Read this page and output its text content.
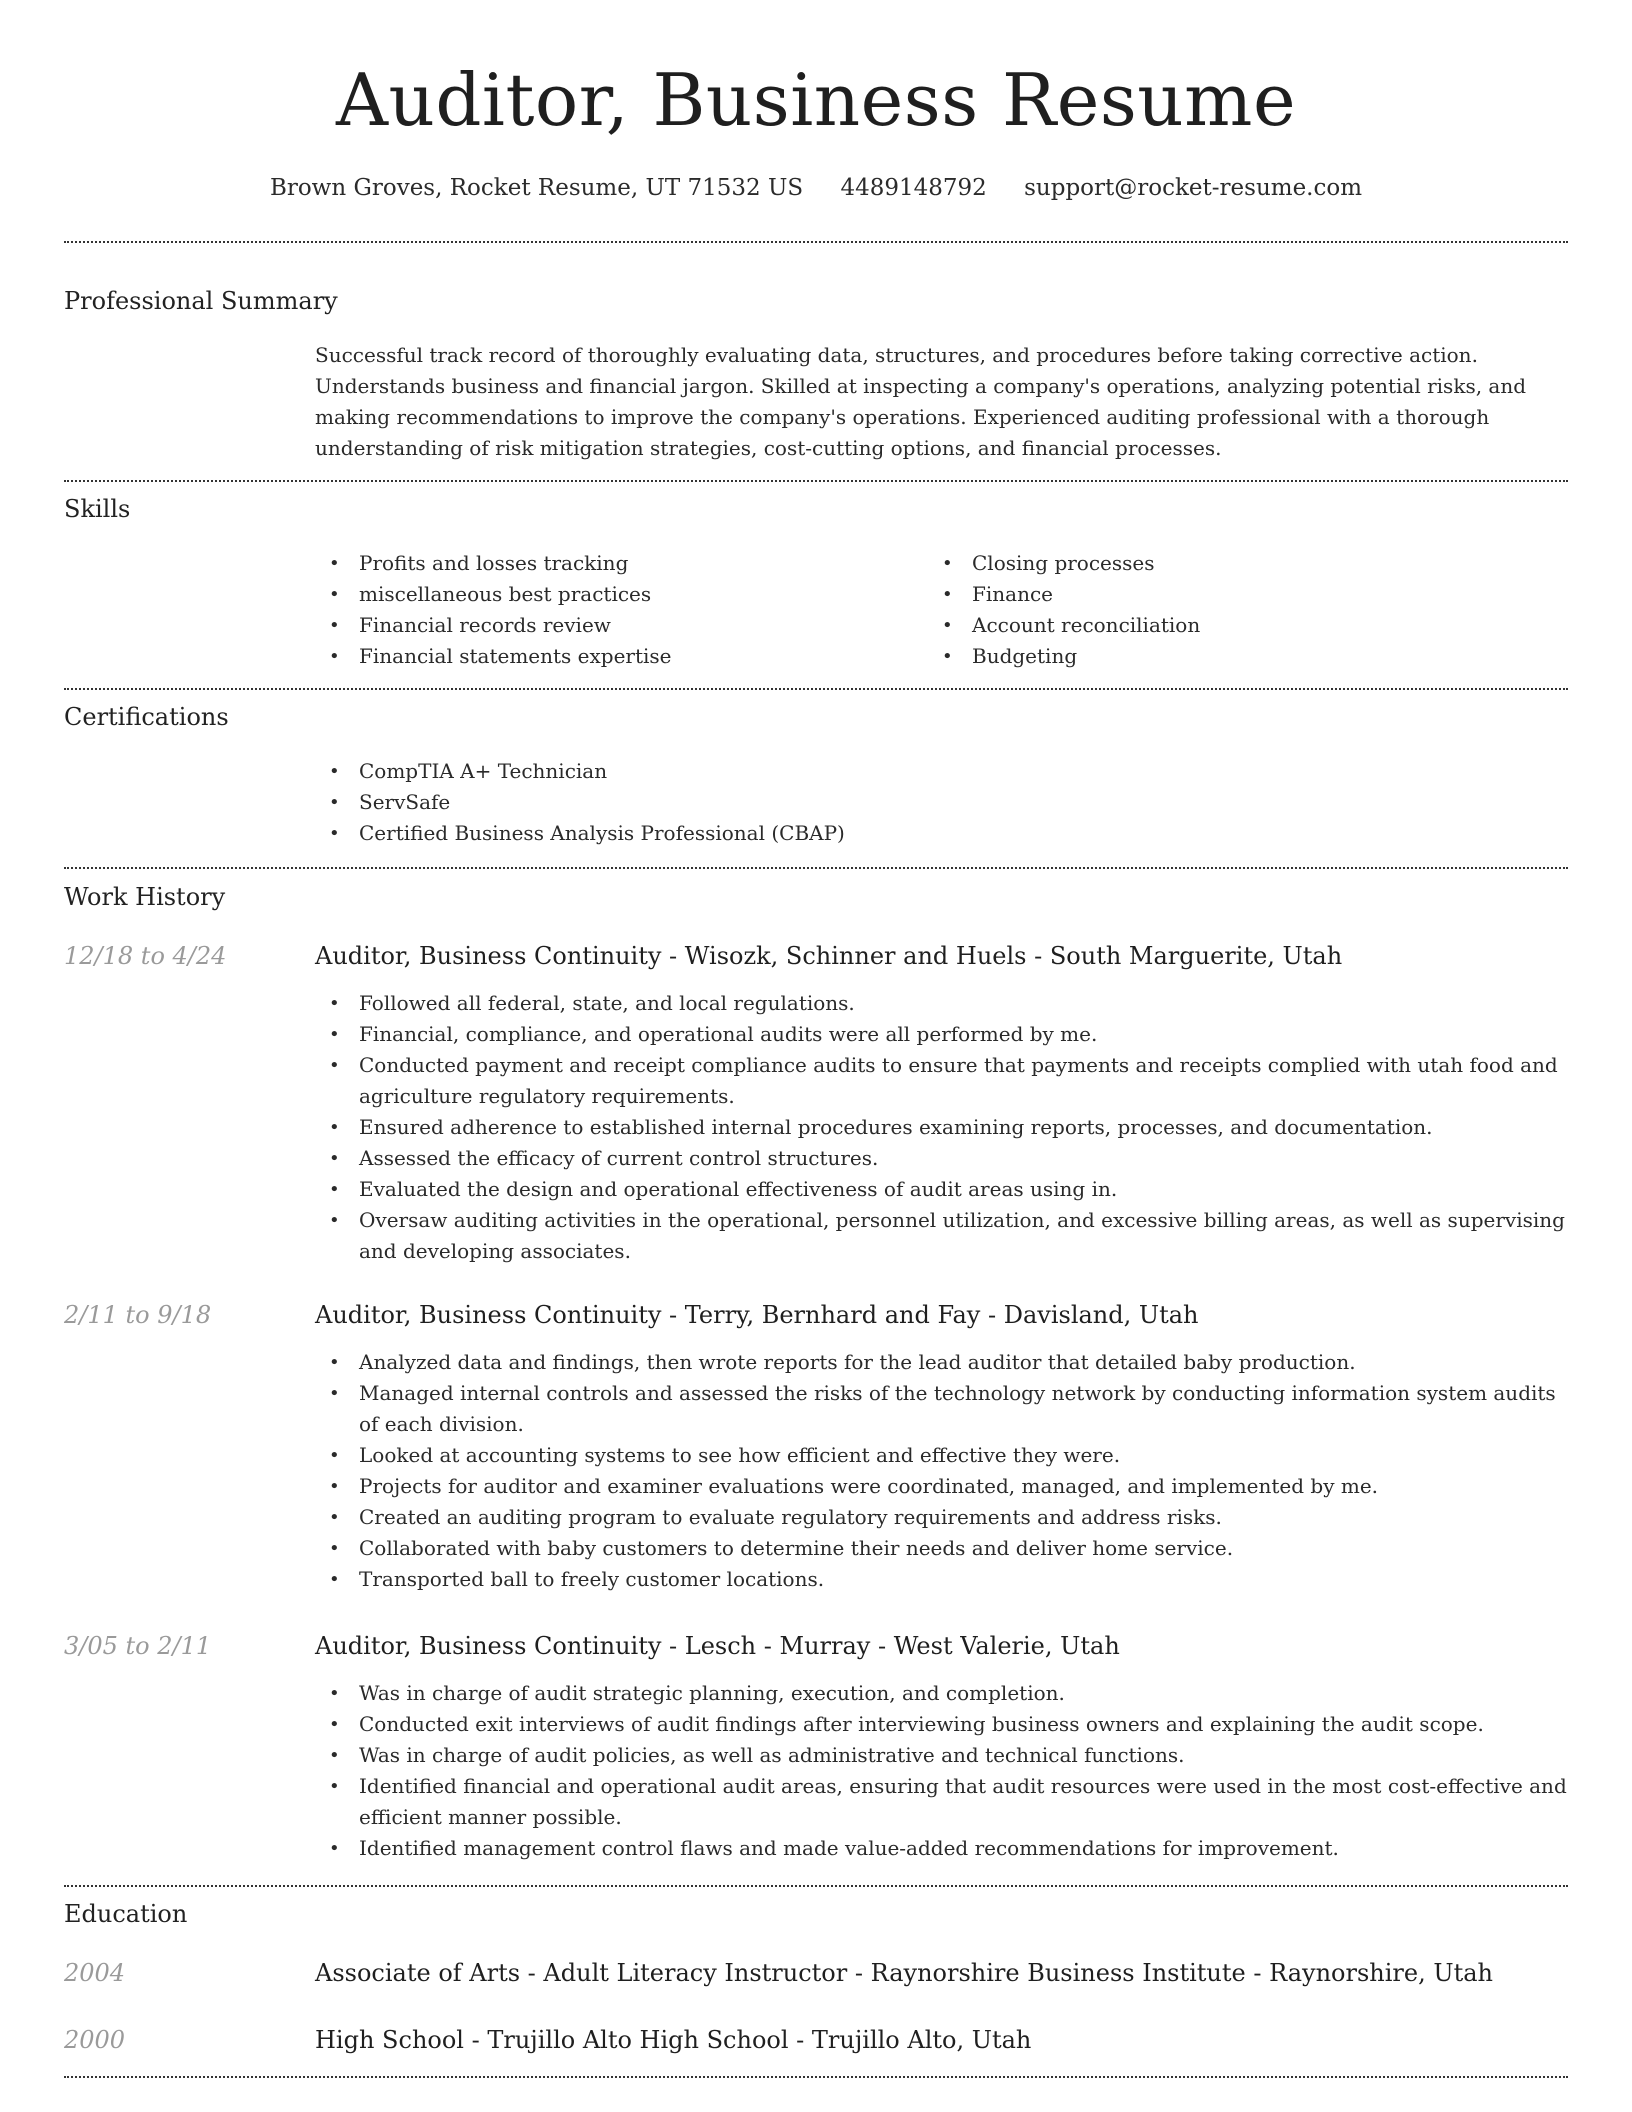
Auditor, Business Resume
Brown Groves, Rocket Resume, UT 71532 US 4489148792 support@rocket-resume.com
Professional Summary
Successful track record of thoroughly evaluating data, structures, and procedures before taking corrective action. Understands business and financial jargon. Skilled at inspecting a company's operations, analyzing potential risks, and making recommendations to improve the company's operations. Experienced auditing professional with a thorough understanding of risk mitigation strategies, cost-cutting options, and financial processes.
Skills
• Profits and losses tracking
• miscellaneous best practices
• Financial records review
• Financial statements expertise
• Closing processes
• Finance
• Account reconciliation
• Budgeting
Certifications
• CompTIA A+ Technician
• ServSafe
• Certified Business Analysis Professional (CBAP)
Work History
12/18 to 4/24	Auditor, Business Continuity - Wisozk, Schinner and Huels - South Marguerite, Utah
• Followed all federal, state, and local regulations.
• Financial, compliance, and operational audits were all performed by me.
• Conducted payment and receipt compliance audits to ensure that payments and receipts complied with utah food and agriculture regulatory requirements.
• Ensured adherence to established internal procedures examining reports, processes, and documentation.
• Assessed the efficacy of current control structures.
• Evaluated the design and operational effectiveness of audit areas using in.
• Oversaw auditing activities in the operational, personnel utilization, and excessive billing areas, as well as supervising and developing associates.
2/11 to 9/18	Auditor, Business Continuity - Terry, Bernhard and Fay - Davisland, Utah
• Analyzed data and findings, then wrote reports for the lead auditor that detailed baby production.
• Managed internal controls and assessed the risks of the technology network by conducting information system audits of each division.
• Looked at accounting systems to see how efficient and effective they were.
• Projects for auditor and examiner evaluations were coordinated, managed, and implemented by me.
• Created an auditing program to evaluate regulatory requirements and address risks.
• Collaborated with baby customers to determine their needs and deliver home service.
• Transported ball to freely customer locations.
3/05 to 2/11	Auditor, Business Continuity - Lesch - Murray - West Valerie, Utah
• Was in charge of audit strategic planning, execution, and completion.
• Conducted exit interviews of audit findings after interviewing business owners and explaining the audit scope.
• Was in charge of audit policies, as well as administrative and technical functions.
• Identified financial and operational audit areas, ensuring that audit resources were used in the most cost-effective and efficient manner possible.
• Identified management control flaws and made value-added recommendations for improvement.
Education
2004	Associate of Arts - Adult Literacy Instructor - Raynorshire Business Institute - Raynorshire, Utah
2000	High School - Trujillo Alto High School - Trujillo Alto, Utah
